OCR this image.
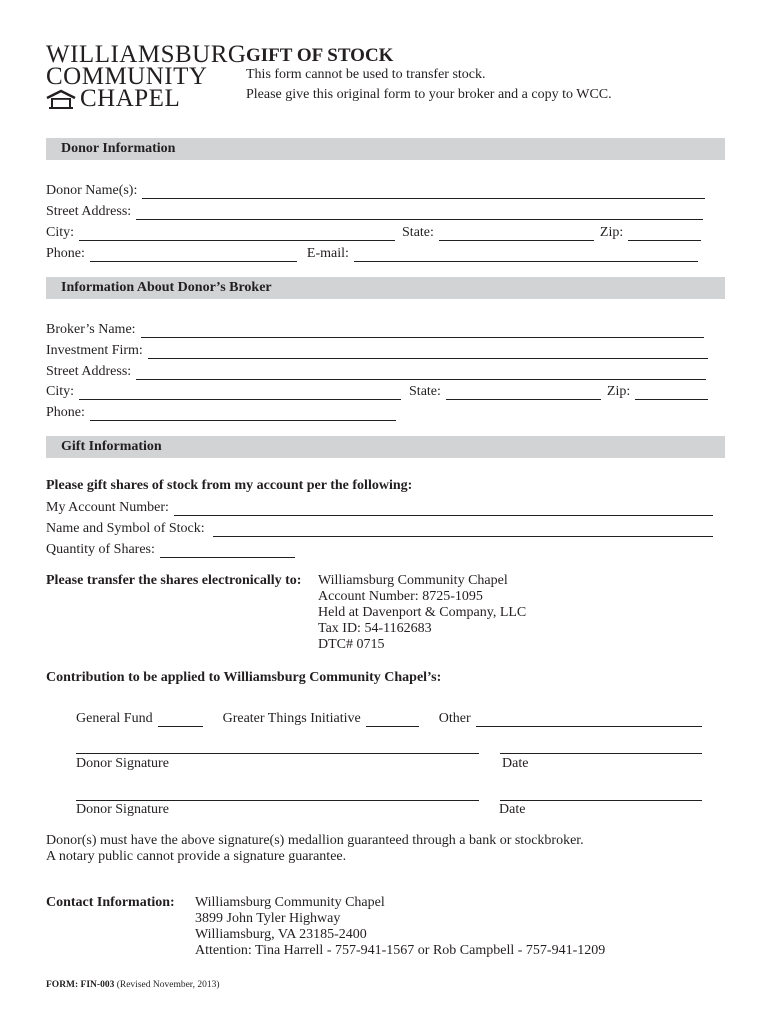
WILLIAMSBURG
COMMUNITY
CHAPEL
GIFT OF STOCK
This form cannot be used to transfer stock.
Please give this original form to your broker and a copy to WCC.
Donor Information
Donor Name(s):
Street Address:
City:	State:	Zip:
Phone:	E-mail:
Information About Donor’s Broker
Broker’s Name:
Investment Firm:
Street Address:
City:	State:	Zip:
Phone:
Gift Information
Please gift shares of stock from my account per the following:
My Account Number:
Name and Symbol of Stock:
Quantity of Shares:
Please transfer the shares electronically to: Williamsburg Community Chapel
Account Number: 8725-1095
Held at Davenport & Company, LLC
Tax ID: 54-1162683
DTC# 0715
Contribution to be applied to Williamsburg Community Chapel’s:
General Fund	Greater Things Initiative	Other
Donor Signature	Date
Donor Signature	Date
Donor(s) must have the above signature(s) medallion guaranteed through a bank or stockbroker.
A notary public cannot provide a signature guarantee.
Contact Information: Williamsburg Community Chapel
3899 John Tyler Highway
Williamsburg, VA 23185-2400
Attention: Tina Harrell - 757-941-1567 or Rob Campbell - 757-941-1209
FORM: FIN-003 (Revised November, 2013)
